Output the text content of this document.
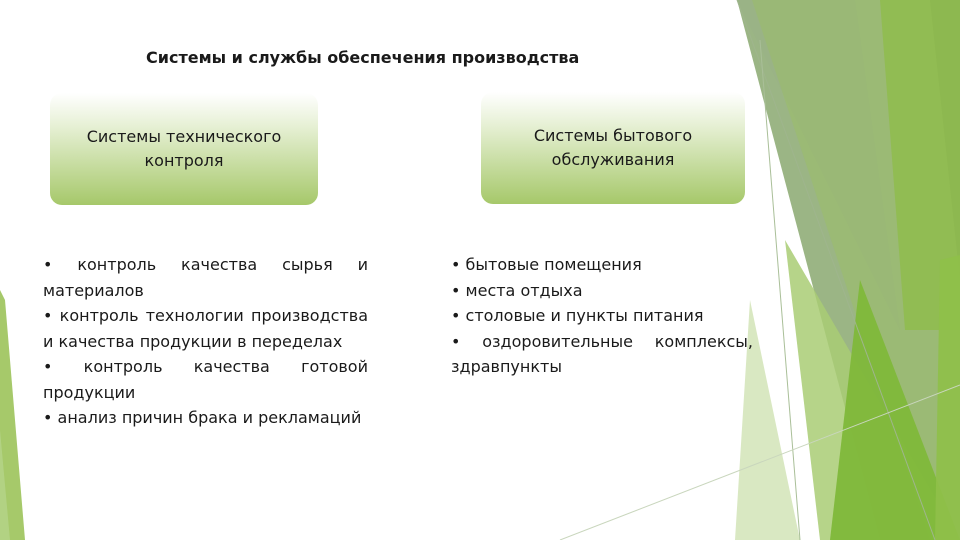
Системы и службы обеспечения производства
Системы технического контроля
Системы бытового обслуживания
• контроль качества сырья и материалов
• контроль технологии производства и качества продукции в переделах
• контроль качества готовой продукции
• анализ причин брака и рекламаций
• бытовые помещения
• места отдыха
• столовые и пункты питания
• оздоровительные комплексы, здравпункты
